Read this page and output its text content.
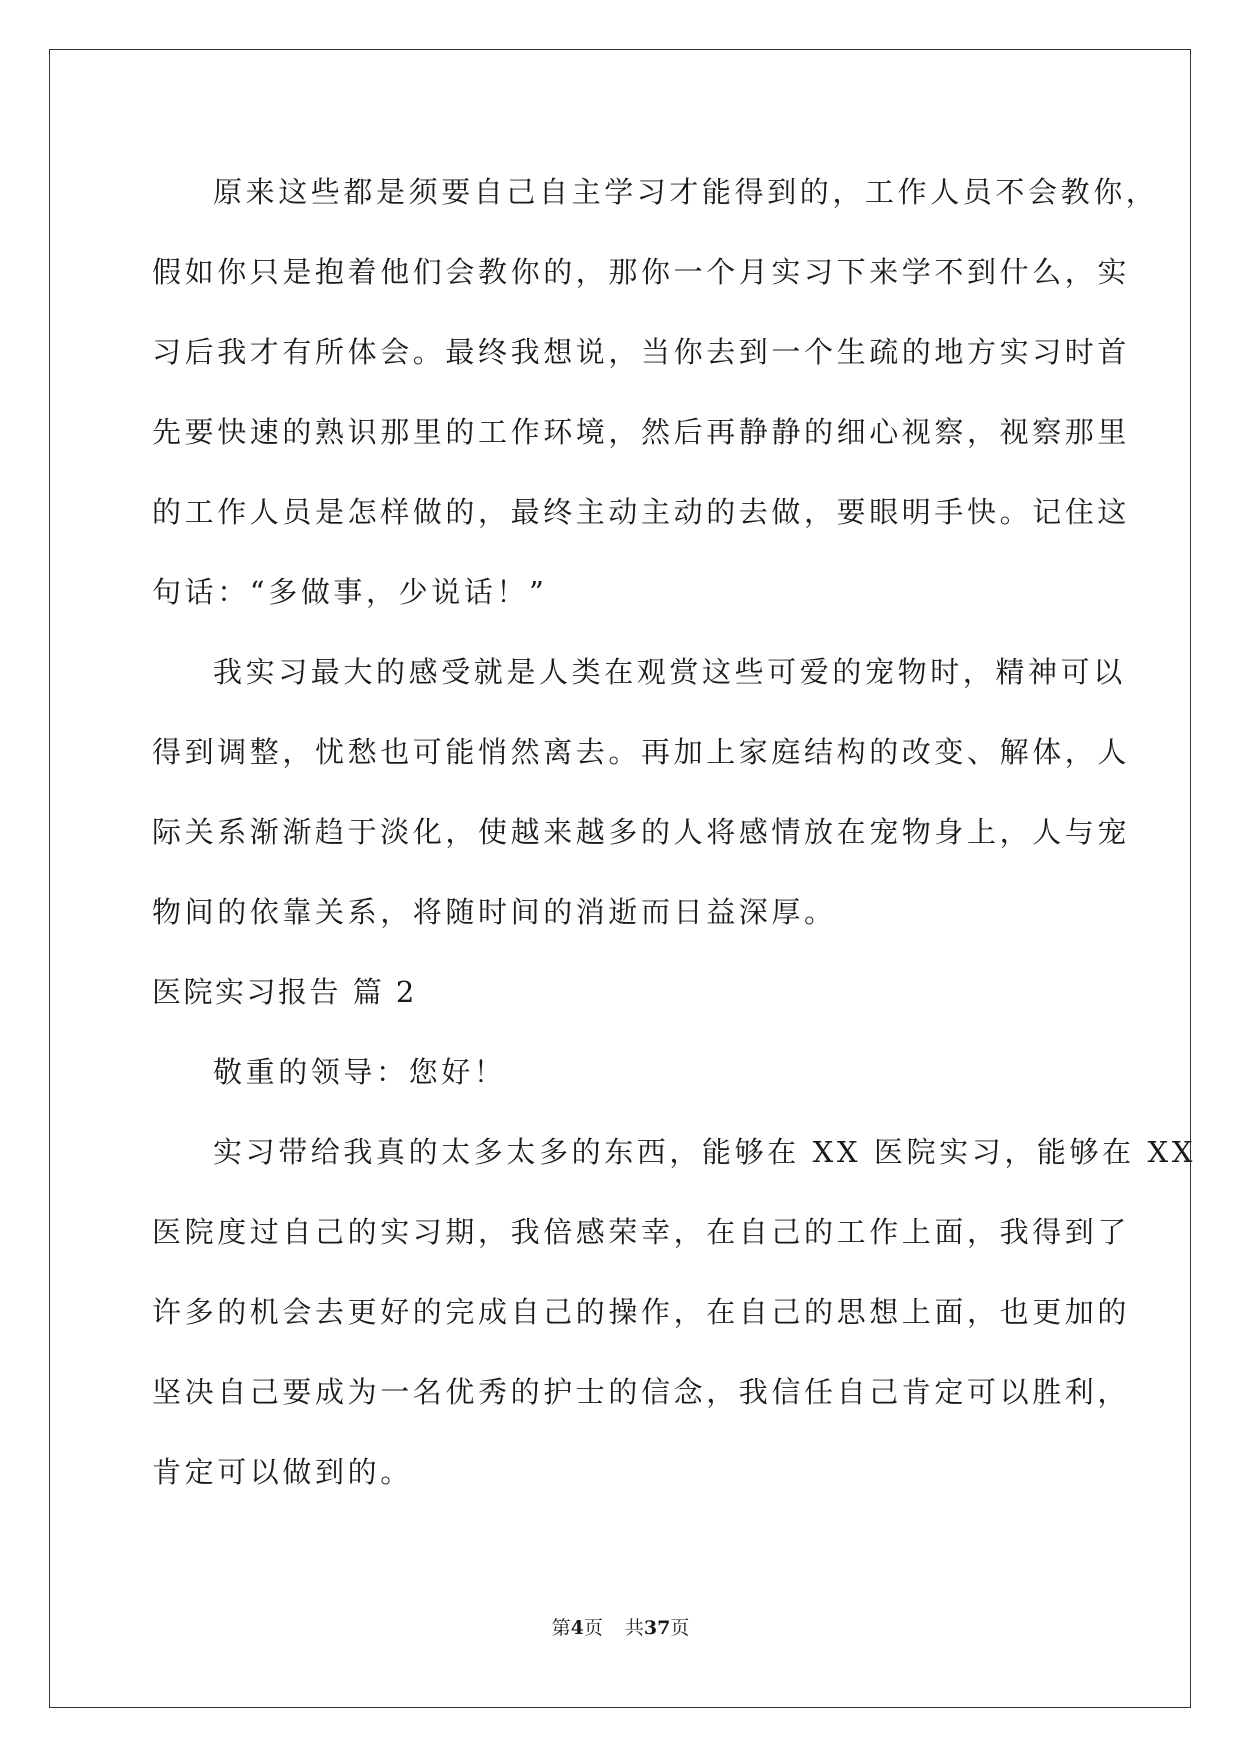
原来这些都是须要自己自主学习才能得到的，工作人员不会教你，
假如你只是抱着他们会教你的，那你一个月实习下来学不到什么，实
习后我才有所体会。最终我想说，当你去到一个生疏的地方实习时首
先要快速的熟识那里的工作环境，然后再静静的细心视察，视察那里
的工作人员是怎样做的，最终主动主动的去做，要眼明手快。记住这
句话：“多做事，少说话！”
我实习最大的感受就是人类在观赏这些可爱的宠物时，精神可以
得到调整，忧愁也可能悄然离去。再加上家庭结构的改变、解体，人
际关系渐渐趋于淡化，使越来越多的人将感情放在宠物身上，人与宠
物间的依靠关系，将随时间的消逝而日益深厚。
医院实习报告 篇 2
敬重的领导：您好！
实习带给我真的太多太多的东西，能够在 XX 医院实习，能够在 XX
医院度过自己的实习期，我倍感荣幸，在自己的工作上面，我得到了
许多的机会去更好的完成自己的操作，在自己的思想上面，也更加的
坚决自己要成为一名优秀的护士的信念，我信任自己肯定可以胜利，
肯定可以做到的。
第4页 共37页
